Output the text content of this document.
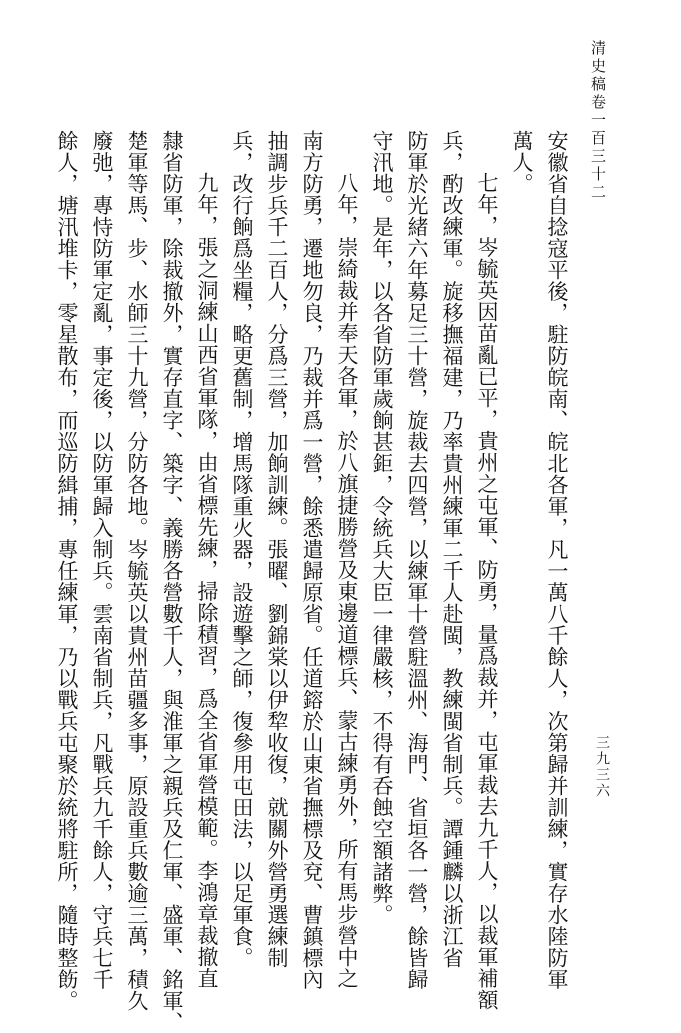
清史稿卷一百三十二
安徽省自捻寇平後，駐防皖南、皖北各軍，凡一萬八千餘人，次第歸并訓練，實存水陸防軍
萬人。
七年，岑毓英因苗亂已平，貴州之屯軍、防勇，量爲裁并，屯軍裁去九千人，以裁軍補額
兵，酌改練軍。旋移撫福建，乃率貴州練軍二千人赴閩，教練閩省制兵。譚鍾麟以浙江省
防軍於光緒六年募足三十營，旋裁去四營，以練軍十營駐溫州、海門、省垣各一營，餘皆歸
守汛地。是年，以各省防軍歲餉甚鉅，令統兵大臣一律嚴核，不得有呑蝕空額諸弊。
八年，崇綺裁并奉天各軍，於八旗捷勝營及東邊道標兵、蒙古練勇外，所有馬步營中之
南方防勇，遷地勿良，乃裁并爲一營，餘悉遣歸原省。任道鎔於山東省撫標及兗、曹鎮標內
抽調步兵千二百人，分爲三營，加餉訓練。張曜、劉錦棠以伊犂收復，就關外營勇選練制
兵，改行餉爲坐糧，略更舊制，增馬隊重火器，設遊擊之師，復參用屯田法，以足軍食。
九年，張之洞練山西省軍隊，由省標先練，掃除積習，爲全省軍營模範。李鴻章裁撤直
隸省防軍，除裁撤外，實存直字、築字、義勝各營數千人，與淮軍之親兵及仁軍、盛軍、銘軍、
楚軍等馬、步、水師三十九營，分防各地。岑毓英以貴州苗疆多事，原設重兵數逾三萬，積久
廢弛，專恃防軍定亂，事定後，以防軍歸入制兵。雲南省制兵，凡戰兵九千餘人，守兵七千
餘人，塘汛堆卡，零星散布，而巡防緝捕，專任練軍，乃以戰兵屯聚於統將駐所，隨時整飭。	三九三六
